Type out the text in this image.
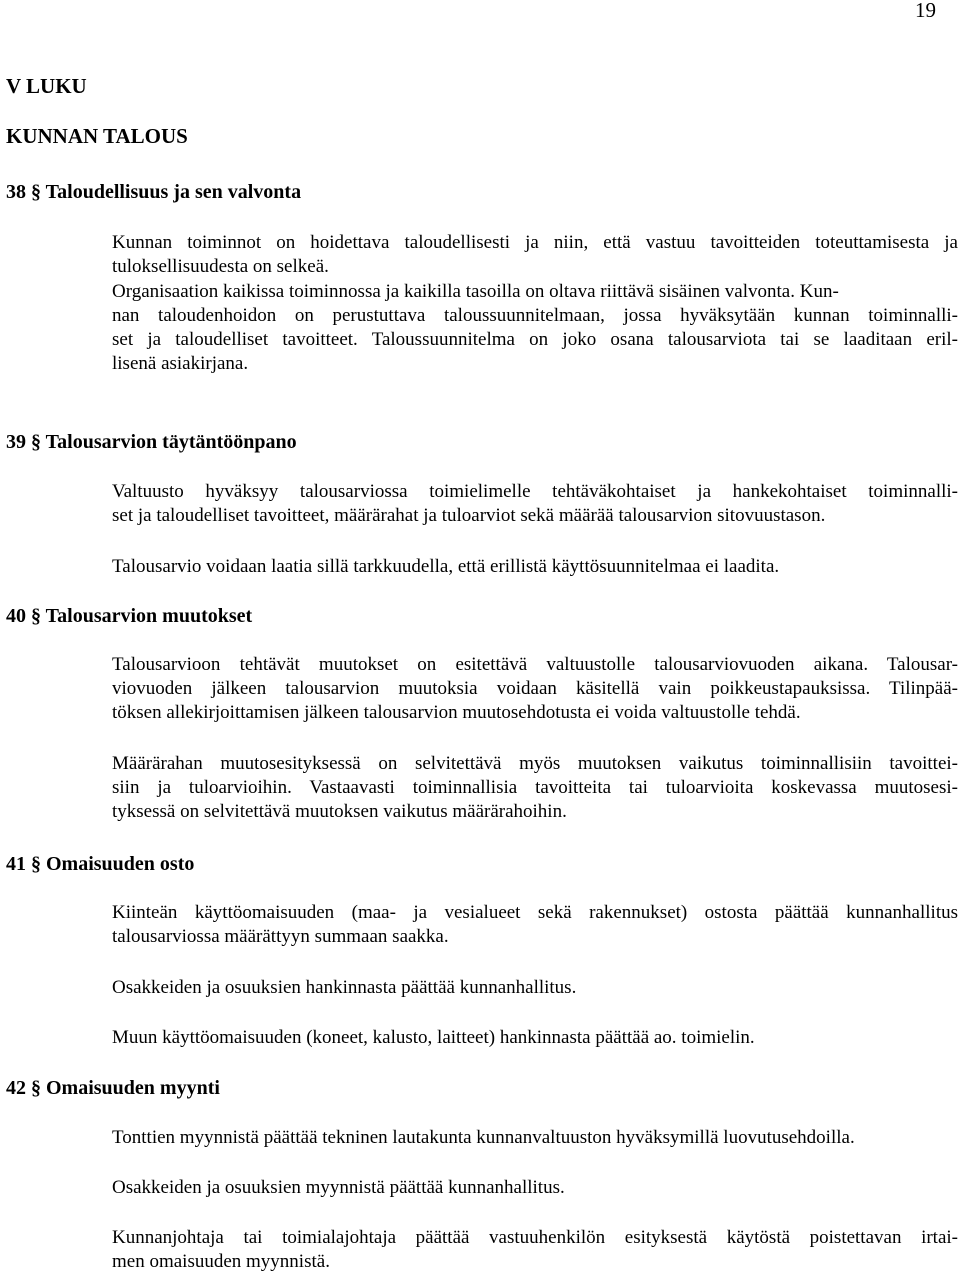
19
V LUKU
KUNNAN TALOUS
38 § Taloudellisuus ja sen valvonta
Kunnan toiminnot on hoidettava taloudellisesti ja niin, että vastuu tavoitteiden toteuttamisesta ja
tuloksellisuudesta on selkeä.
Organisaation kaikissa toiminnossa ja kaikilla tasoilla on oltava riittävä sisäinen valvonta. Kun-
nan taloudenhoidon on perustuttava taloussuunnitelmaan, jossa hyväksytään kunnan toiminnalli-
set ja taloudelliset tavoitteet. Taloussuunnitelma on joko osana talousarviota tai se laaditaan eril-
lisenä asiakirjana.
39 § Talousarvion täytäntöönpano
Valtuusto hyväksyy talousarviossa toimielimelle tehtäväkohtaiset ja hankekohtaiset toiminnalli-
set ja taloudelliset tavoitteet, määrärahat ja tuloarviot sekä määrää talousarvion sitovuustason.
Talousarvio voidaan laatia sillä tarkkuudella, että erillistä käyttösuunnitelmaa ei laadita.
40 § Talousarvion muutokset
Talousarvioon tehtävät muutokset on esitettävä valtuustolle talousarviovuoden aikana. Talousar-
viovuoden jälkeen talousarvion muutoksia voidaan käsitellä vain poikkeustapauksissa. Tilinpää-
töksen allekirjoittamisen jälkeen talousarvion muutosehdotusta ei voida valtuustolle tehdä.
Määrärahan muutosesityksessä on selvitettävä myös muutoksen vaikutus toiminnallisiin tavoittei-
siin ja tuloarvioihin. Vastaavasti toiminnallisia tavoitteita tai tuloarvioita koskevassa muutosesi-
tyksessä on selvitettävä muutoksen vaikutus määrärahoihin.
41 § Omaisuuden osto
Kiinteän käyttöomaisuuden (maa- ja vesialueet sekä rakennukset) ostosta päättää kunnanhallitus
talousarviossa määrättyyn summaan saakka.
Osakkeiden ja osuuksien hankinnasta päättää kunnanhallitus.
Muun käyttöomaisuuden (koneet, kalusto, laitteet) hankinnasta päättää ao. toimielin.
42 § Omaisuuden myynti
Tonttien myynnistä päättää tekninen lautakunta kunnanvaltuuston hyväksymillä luovutusehdoilla.
Osakkeiden ja osuuksien myynnistä päättää kunnanhallitus.
Kunnanjohtaja tai toimialajohtaja päättää vastuuhenkilön esityksestä käytöstä poistettavan irtai-
men omaisuuden myynnistä.
